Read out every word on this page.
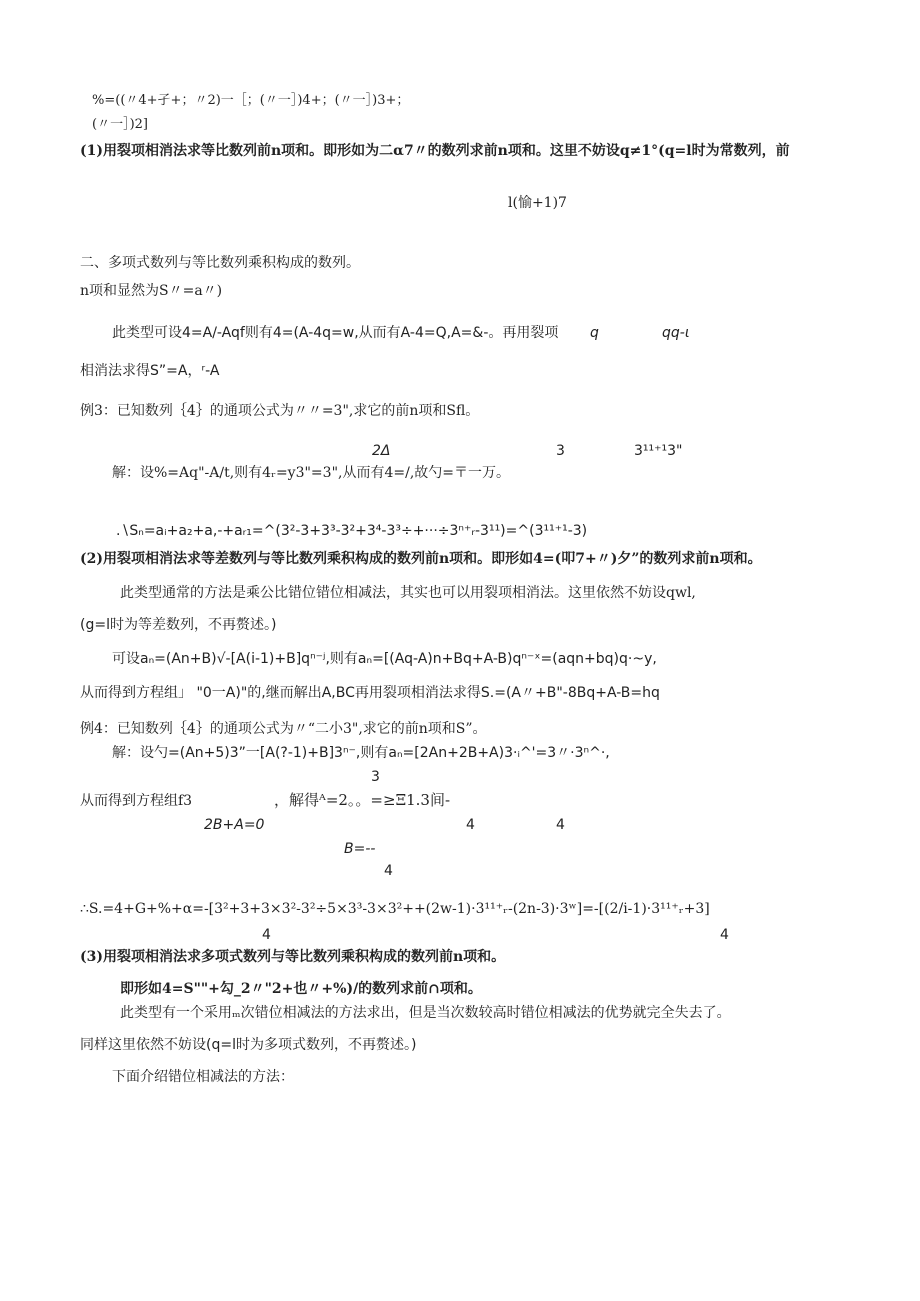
%=((〃4+孑+；〃2)一［；(〃一］)4+；(〃一］)3+；
(〃一］)2]
(1)用裂项相消法求等比数列前n项和。即形如为二α7〃的数列求前n项和。这里不妨设q≠1°(q=l时为常数列，前
l(愉+1)7
二、多项式数列与等比数列乘积构成的数列。
n项和显然为S〃=a〃)
此类型可设4=A/-Aqf则有4=(A-4q=w,从而有A-4=Q,A=&-。再用裂项 q	qq-ι
相消法求得S”=A，ʳ-A
例3：已知数列｛4｝的通项公式为〃〃=3",求它的前n项和Sfl。
2Δ	3	3¹¹⁺¹3"
解：设%=Aq"-A∕t,则有4ᵣ=y3"=3",从而有4=/,故勺=〒一万。
.∖Sₙ=aᵢ+a₂+a,-+aᵣ₁=^(3²-3+3³-3²+3⁴-3³÷+···÷3ⁿ⁺ᵣ-3¹¹)=^(3¹¹⁺¹-3)
(2)用裂项相消法求等差数列与等比数列乘积构成的数列前n项和。即形如4=(叩7+〃)夕”的数列求前n项和。
此类型通常的方法是乘公比错位错位相减法，其实也可以用裂项相消法。这里依然不妨设qwl,
(g=l时为等差数列，不再赘述。)
可设aₙ=(An+B)√-[A(i-1)+B]qⁿ⁻ʲ,则有aₙ=[(Aq-A)n+Bq+A-B)qⁿ⁻ˣ=(aqn+bq)q·~y,
从而得到方程组」 "0一A)"的,继而解出A,BC再用裂项相消法求得S.=(A〃+B"-8Bq+A-B=hq
例4：已知数列｛4｝的通项公式为〃“二小3",求它的前n项和S”。
解：设勺=(An+5)3”一[A(?-1)+B]3ⁿ⁻,则有aₙ=[2An+2B+A)3·ᵢ^'=3〃·3ⁿ^·,
3
从而得到方程组f3	，解得ᴬ=2。。=≥Ξ1.3间-
2B+A=0	4	4
B=--
4
∴S.=4+G+%+α=-[3²+3+3×3²-3²÷5×3³-3×3²++(2w-1)·3¹¹⁺ᵣ-(2n-3)·3ʷ]=-[(2/i-1)·3¹¹⁺ᵣ+3]
4	4
(3)用裂项相消法求多项式数列与等比数列乘积构成的数列前n项和。
即形如4=S""+勾_2〃"2+也〃+%)/的数列求前∩项和。
此类型有一个采用ₘ次错位相减法的方法求出，但是当次数较高时错位相减法的优势就完全失去了。
同样这里依然不妨设(q=l时为多项式数列，不再赘述。)
下面介绍错位相减法的方法：
